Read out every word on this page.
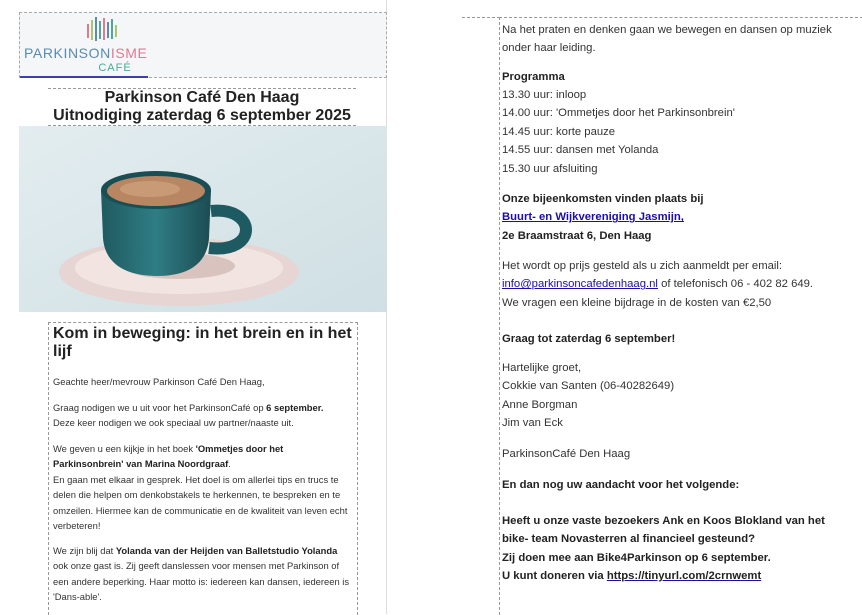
PARKINSONISME
CAFÉ
Parkinson Café Den Haag
Uitnodiging zaterdag 6 september 2025
Kom in beweging: in het brein en in het lijf

Geachte heer/mevrouw Parkinson Café Den Haag,

Graag nodigen we u uit voor het ParkinsonCafé op 6 september.
Deze keer nodigen we ook speciaal uw partner/naaste uit.

We geven u een kijkje in het boek 'Ommetjes door het Parkinsonbrein' van Marina Noordgraaf.
En gaan met elkaar in gesprek. Het doel is om allerlei tips en trucs te delen die helpen om denkobstakels te herkennen, te bespreken en te omzeilen. Hiermee kan de communicatie en de kwaliteit van leven echt verbeteren!

We zijn blij dat Yolanda van der Heijden van Balletstudio Yolanda ook onze gast is. Zij geeft danslessen voor mensen met Parkinson of een andere beperking. Haar motto is: iedereen kan dansen, iedereen is 'Dans-able'.

Na het praten en denken gaan we bewegen en dansen op muziek
onder haar leiding.

Programma

13.30 uur: inloop
14.00 uur: 'Ommetjes door het Parkinsonbrein'
14.45 uur: korte pauze
14.55 uur: dansen met Yolanda
15.30 uur afsluiting

Onze bijeenkomsten vinden plaats bij
Buurt- en Wijkvereniging Jasmijn,
2e Braamstraat 6, Den Haag

Het wordt op prijs gesteld als u zich aanmeldt per email:
info@parkinsoncafedenhaag.nl of telefonisch 06 - 402 82 649.
We vragen een kleine bijdrage in de kosten van €2,50

Graag tot zaterdag 6 september!

Hartelijke groet,
Cokkie van Santen (06-40282649)
Anne Borgman
Jim van Eck

ParkinsonCafé Den Haag

En dan nog uw aandacht voor het volgende:

Heeft u onze vaste bezoekers Ank en Koos Blokland van het
bike- team Novasterren al financieel gesteund?
Zij doen mee aan Bike4Parkinson op 6 september.
U kunt doneren via https://tinyurl.com/2crnwemt
